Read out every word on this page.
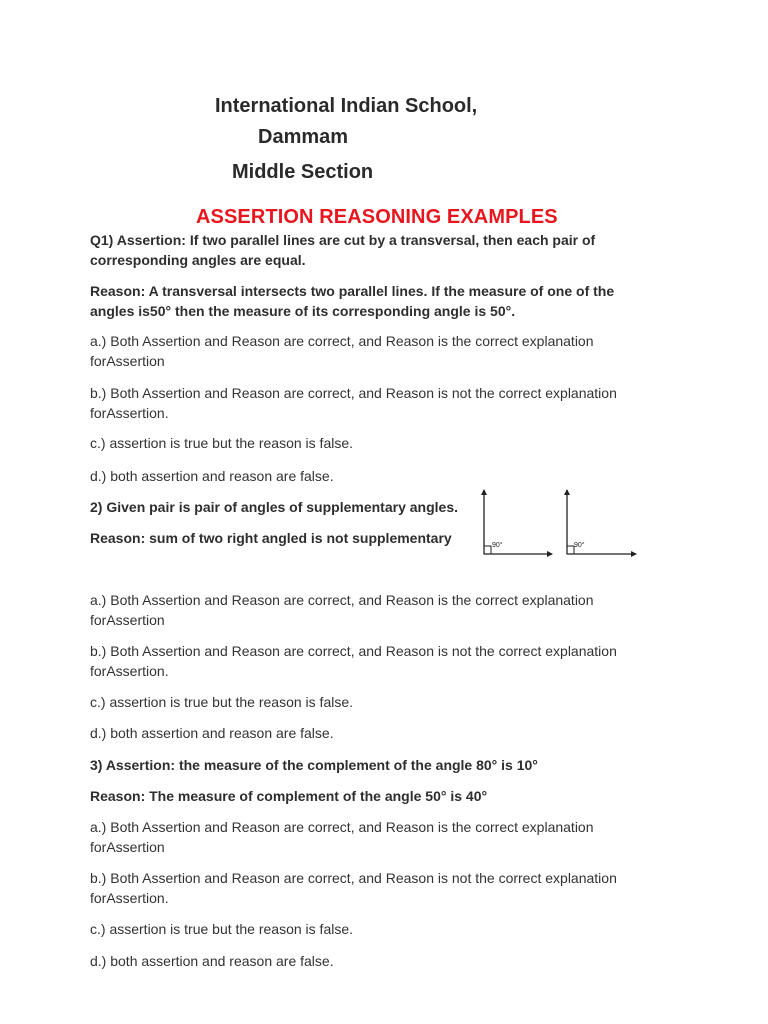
International Indian School,
Dammam
Middle Section
ASSERTION REASONING EXAMPLES
Q1) Assertion: If two parallel lines are cut by a transversal, then each pair of corresponding angles are equal.
Reason: A transversal intersects two parallel lines. If the measure of one of the angles is50° then the measure of its corresponding angle is 50°.
a.) Both Assertion and Reason are correct, and Reason is the correct explanation forAssertion
b.) Both Assertion and Reason are correct, and Reason is not the correct explanation forAssertion.
c.) assertion is true but the reason is false.
d.) both assertion and reason are false.
2) Given pair is pair of angles of supplementary angles.
Reason: sum of two right angled is not supplementary	90°	90°
a.) Both Assertion and Reason are correct, and Reason is the correct explanation forAssertion
b.) Both Assertion and Reason are correct, and Reason is not the correct explanation forAssertion.
c.) assertion is true but the reason is false.
d.) both assertion and reason are false.
3) Assertion: the measure of the complement of the angle 80° is 10°
Reason: The measure of complement of the angle 50° is 40°
a.) Both Assertion and Reason are correct, and Reason is the correct explanation forAssertion
b.) Both Assertion and Reason are correct, and Reason is not the correct explanation forAssertion.
c.) assertion is true but the reason is false.
d.) both assertion and reason are false.
